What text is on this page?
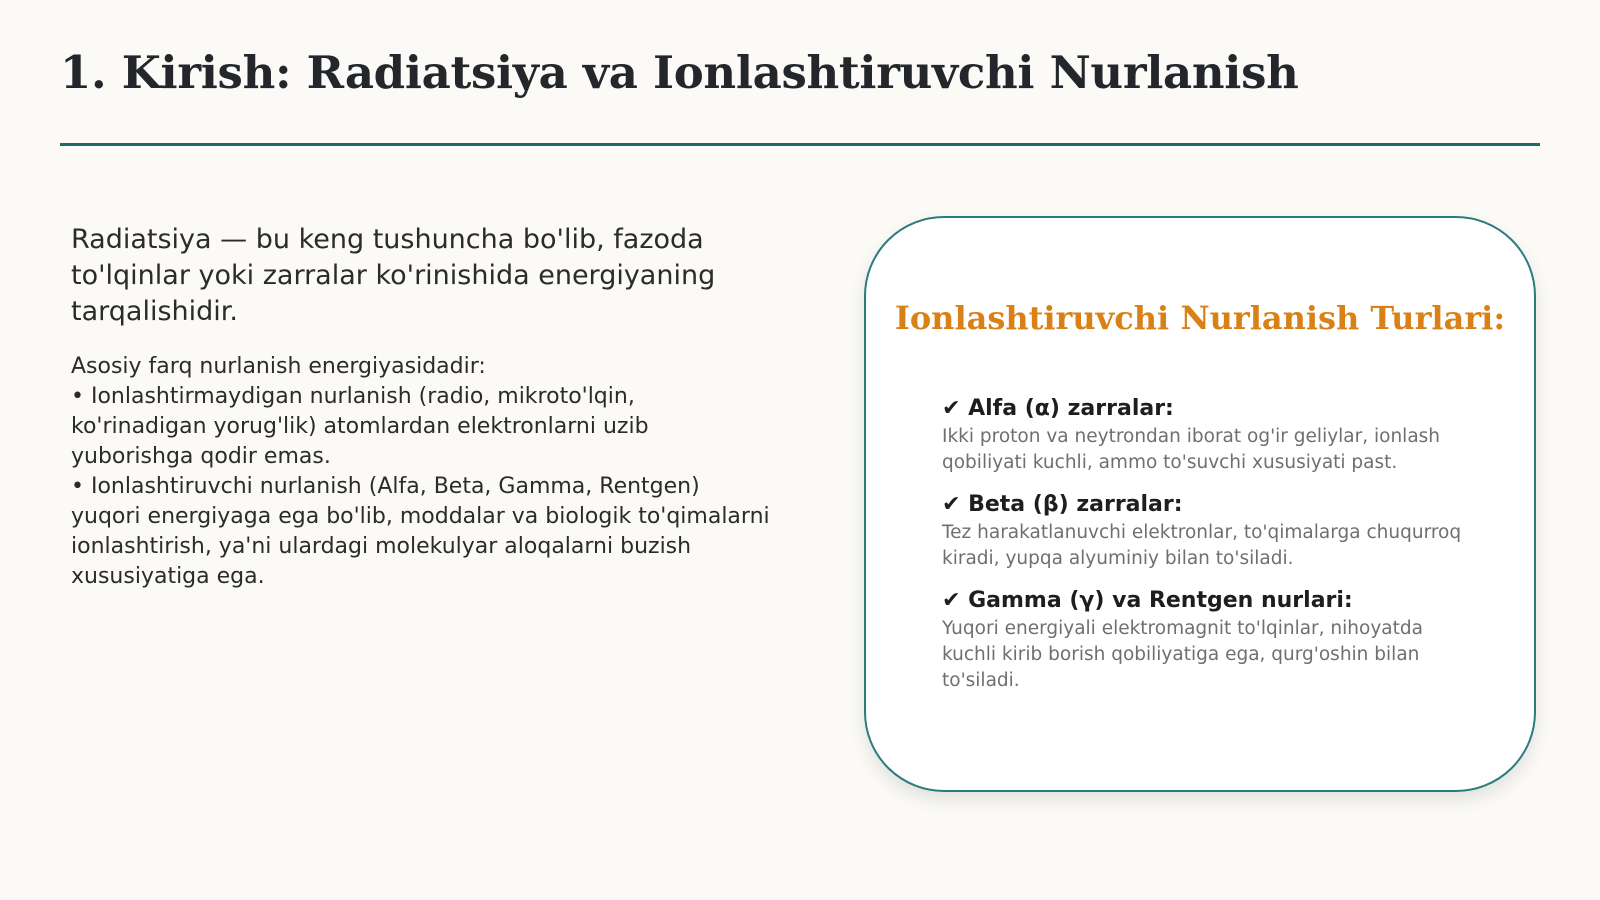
1. Kirish: Radiatsiya va Ionlashtiruvchi Nurlanish

Radiatsiya — bu keng tushuncha bo'lib, fazoda to'lqinlar yoki zarralar ko'rinishida energiyaning tarqalishidir.

Asosiy farq nurlanish energiyasidadir:
• Ionlashtirmaydigan nurlanish (radio, mikroto'lqin, ko'rinadigan yorug'lik) atomlardan elektronlarni uzib yuborishga qodir emas.
• Ionlashtiruvchi nurlanish (Alfa, Beta, Gamma, Rentgen) yuqori energiyaga ega bo'lib, moddalar va biologik to'qimalarni ionlashtirish, ya'ni ulardagi molekulyar aloqalarni buzish xususiyatiga ega.
Ionlashtiruvchi Nurlanish Turlari:
✔ Alfa (α) zarralar:
Ikki proton va neytrondan iborat og'ir geliylar, ionlash qobiliyati kuchli, ammo to'suvchi xususiyati past.
✔ Beta (β) zarralar:
Tez harakatlanuvchi elektronlar, to'qimalarga chuqurroq kiradi, yupqa alyuminiy bilan to'siladi.
✔ Gamma (γ) va Rentgen nurlari:
Yuqori energiyali elektromagnit to'lqinlar, nihoyatda kuchli kirib borish qobiliyatiga ega, qurg'oshin bilan to'siladi.
